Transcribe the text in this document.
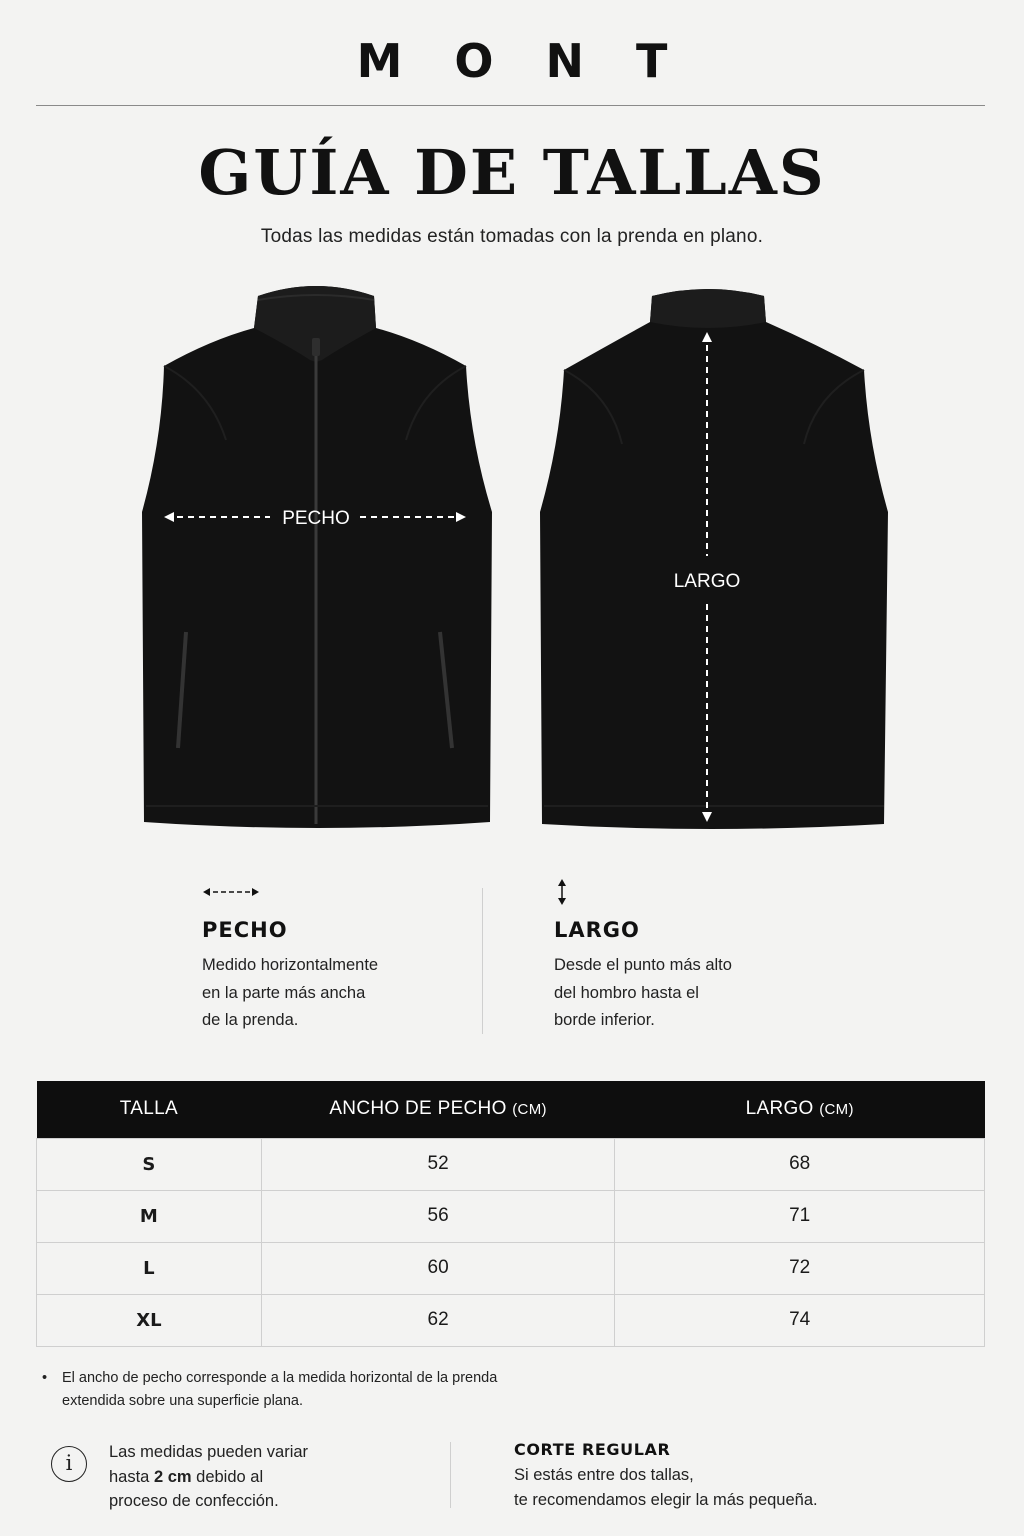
MONT
GUÍA DE TALLAS

Todas las medidas están tomadas con la prenda en plano.

PECHO
LARGO
PECHO
Medido horizontalmente
en la parte más ancha
de la prenda.
LARGO
Desde el punto más alto
del hombro hasta el
borde inferior.
TALLA	ANCHO DE PECHO (CM)	LARGO (CM)
S	52	68
M	56	71
L	60	72
XL	62	74
• El ancho de pecho corresponde a la medida horizontal de la prenda
extendida sobre una superficie plana.
i	Las medidas pueden variar
hasta 2 cm debido al
proceso de confección.
CORTE REGULAR
Si estás entre dos tallas,
te recomendamos elegir la más pequeña.
